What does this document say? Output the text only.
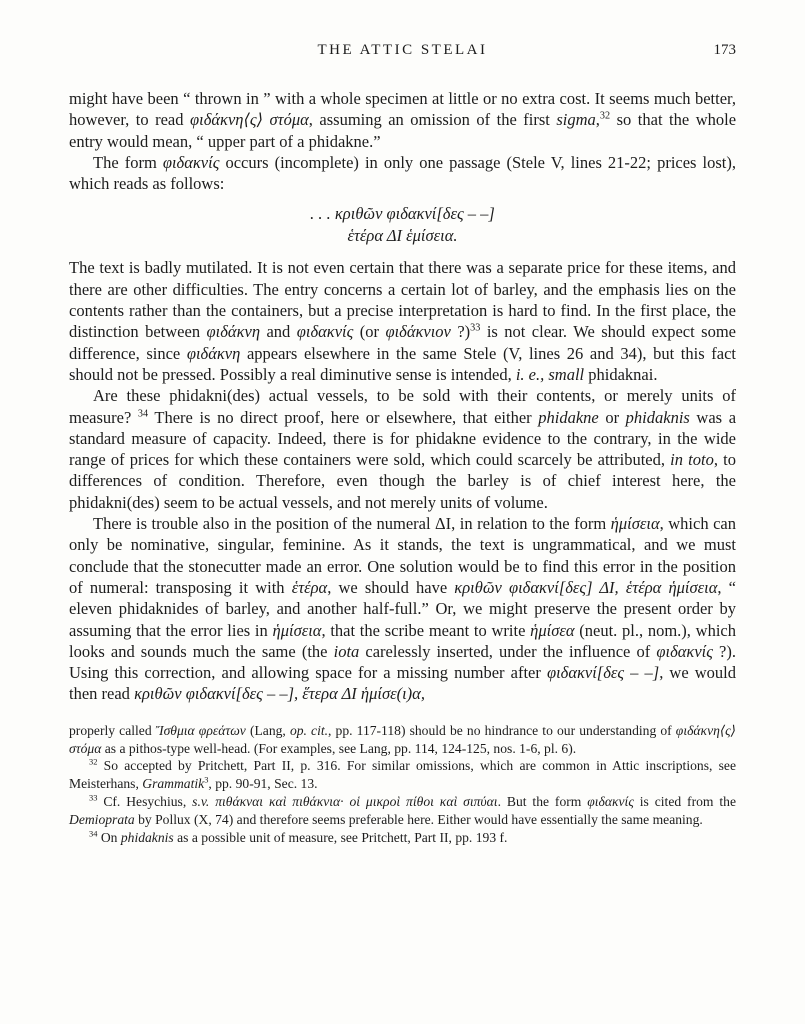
THE ATTIC STELAI	173

might have been “ thrown in ” with a whole specimen at little or no extra cost. It seems much better, however, to read φιδάκνη⟨ς⟩ στόμα, assuming an omission of the first sigma,$^{32}$ so that the whole entry would mean, “ upper part of a phidakne.”

The form φιδακνίς occurs (incomplete) in only one passage (Stele V, lines 21-22; prices lost), which reads as follows:

. . . κριθῶν φιδακνί[δες – –]
ἑτέρα ΔΙ ἑμίσεια.

The text is badly mutilated. It is not even certain that there was a separate price for these items, and there are other difficulties. The entry concerns a certain lot of barley, and the emphasis lies on the contents rather than the containers, but a precise interpretation is hard to find. In the first place, the distinction between φιδάκνη and φιδακνίς (or φιδάκνιον ?)$^{33}$ is not clear. We should expect some difference, since φιδάκνη appears elsewhere in the same Stele (V, lines 26 and 34), but this fact should not be pressed. Possibly a real diminutive sense is intended, i. e., small phidaknai.

Are these phidakni(des) actual vessels, to be sold with their contents, or merely units of measure? $^{34}$ There is no direct proof, here or elsewhere, that either phidakne or phidaknis was a standard measure of capacity. Indeed, there is for phidakne evidence to the contrary, in the wide range of prices for which these containers were sold, which could scarcely be attributed, in toto, to differences of condition. Therefore, even though the barley is of chief interest here, the phidakni(des) seem to be actual vessels, and not merely units of volume.

There is trouble also in the position of the numeral ΔΙ, in relation to the form ἡμίσεια, which can only be nominative, singular, feminine. As it stands, the text is ungrammatical, and we must conclude that the stonecutter made an error. One solution would be to find this error in the position of numeral: transposing it with ἑτέρα, we should have κριθῶν φιδακνί[δες] ΔΙ, ἑτέρα ἡμίσεια, “ eleven phidaknides of barley, and another half-full.” Or, we might preserve the present order by assuming that the error lies in ἡμίσεια, that the scribe meant to write ἡμίσεα (neut. pl., nom.), which looks and sounds much the same (the iota carelessly inserted, under the influence of φιδακνίς ?). Using this correction, and allowing space for a missing number after φιδακνί[δες – –], we would then read κριθῶν φιδακνί[δες – –], ἕτερα ΔΙ ἡμίσε(ι)α,

properly called Ἴσθμια φρεάτων (Lang, op. cit., pp. 117-118) should be no hindrance to our understanding of φιδάκνη⟨ς⟩ στόμα as a pithos-type well-head. (For examples, see Lang, pp. 114, 124-125, nos. 1-6, pl. 6).

$^{32}$ So accepted by Pritchett, Part II, p. 316. For similar omissions, which are common in Attic inscriptions, see Meisterhans, Grammatik$^3$, pp. 90-91, Sec. 13.

$^{33}$ Cf. Hesychius, s.v. πιθάκναι καὶ πιθάκνια· οἱ μικροὶ πίθοι καὶ σιπύαι. But the form φιδακνίς is cited from the Demioprata by Pollux (X, 74) and therefore seems preferable here. Either would have essentially the same meaning.

$^{34}$ On phidaknis as a possible unit of measure, see Pritchett, Part II, pp. 193 f.
